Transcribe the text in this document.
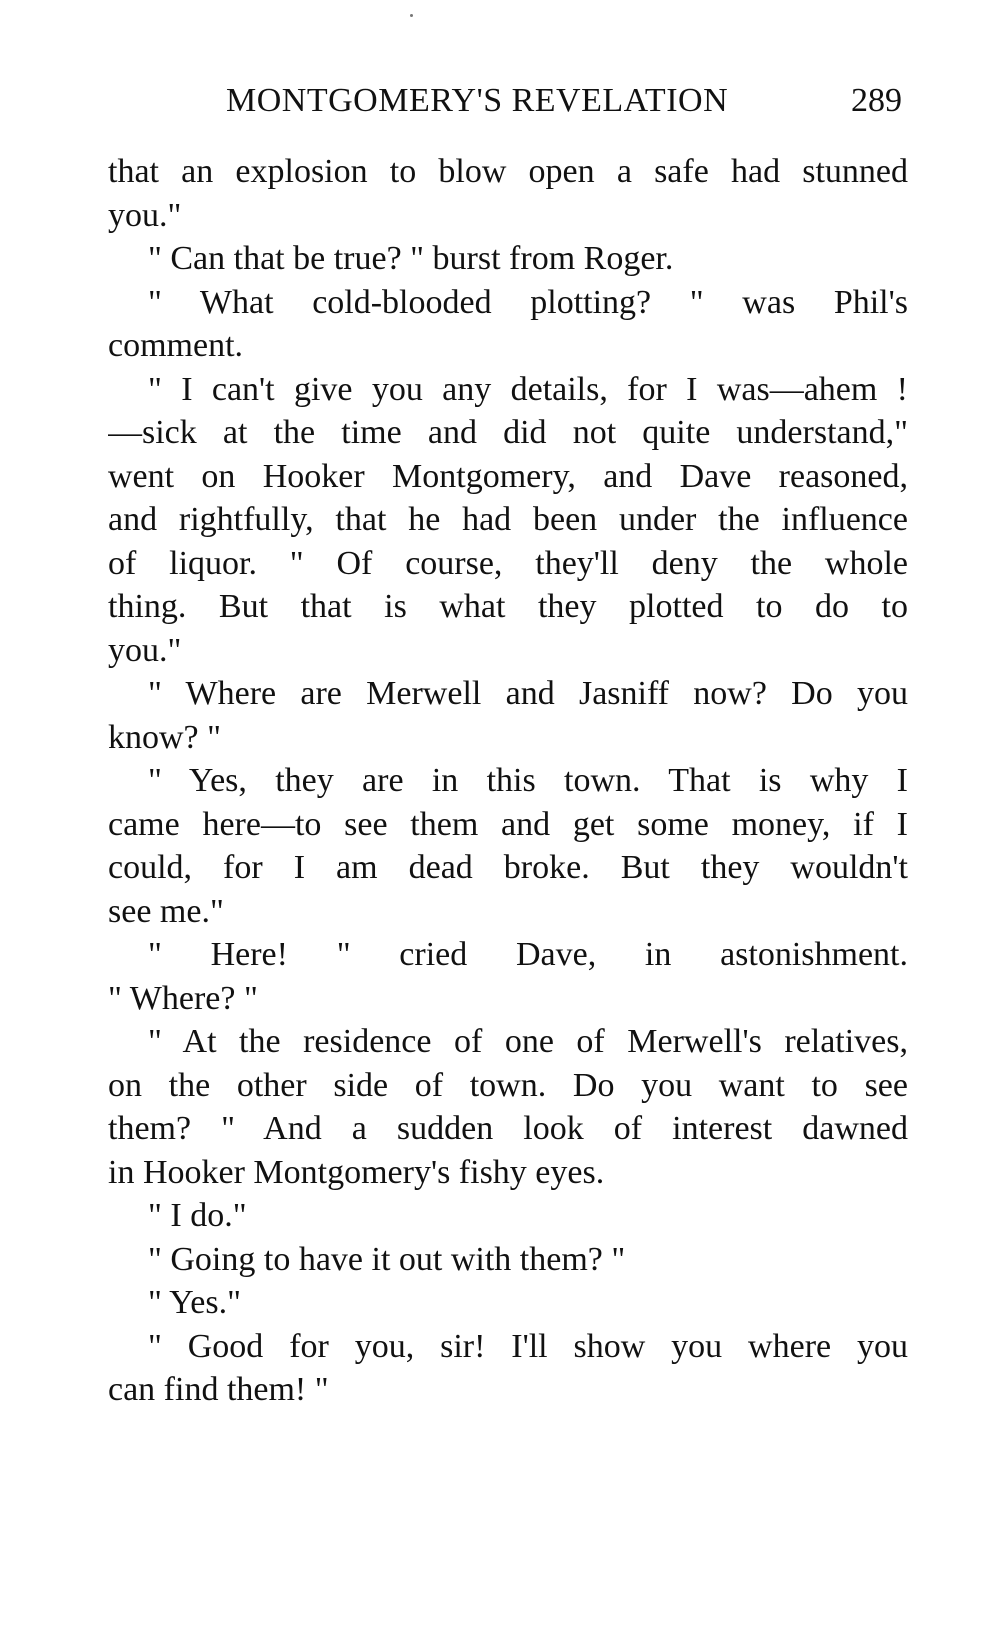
MONTGOMERY'S REVELATION	289
that an explosion to blow open a safe had stunned
you."
" Can that be true? " burst from Roger.
" What cold-blooded plotting? " was Phil's
comment.
" I can't give you any details, for I was—ahem !
—sick at the time and did not quite understand,"
went on Hooker Montgomery, and Dave reasoned,
and rightfully, that he had been under the influence
of liquor. " Of course, they'll deny the whole
thing. But that is what they plotted to do to
you."
" Where are Merwell and Jasniff now? Do you
know? "
" Yes, they are in this town. That is why I
came here—to see them and get some money, if I
could, for I am dead broke. But they wouldn't
see me."
" Here! " cried Dave, in astonishment.
" Where? "
" At the residence of one of Merwell's relatives,
on the other side of town. Do you want to see
them? " And a sudden look of interest dawned
in Hooker Montgomery's fishy eyes.
" I do."
" Going to have it out with them? "
" Yes."
" Good for you, sir! I'll show you where you
can find them! "
